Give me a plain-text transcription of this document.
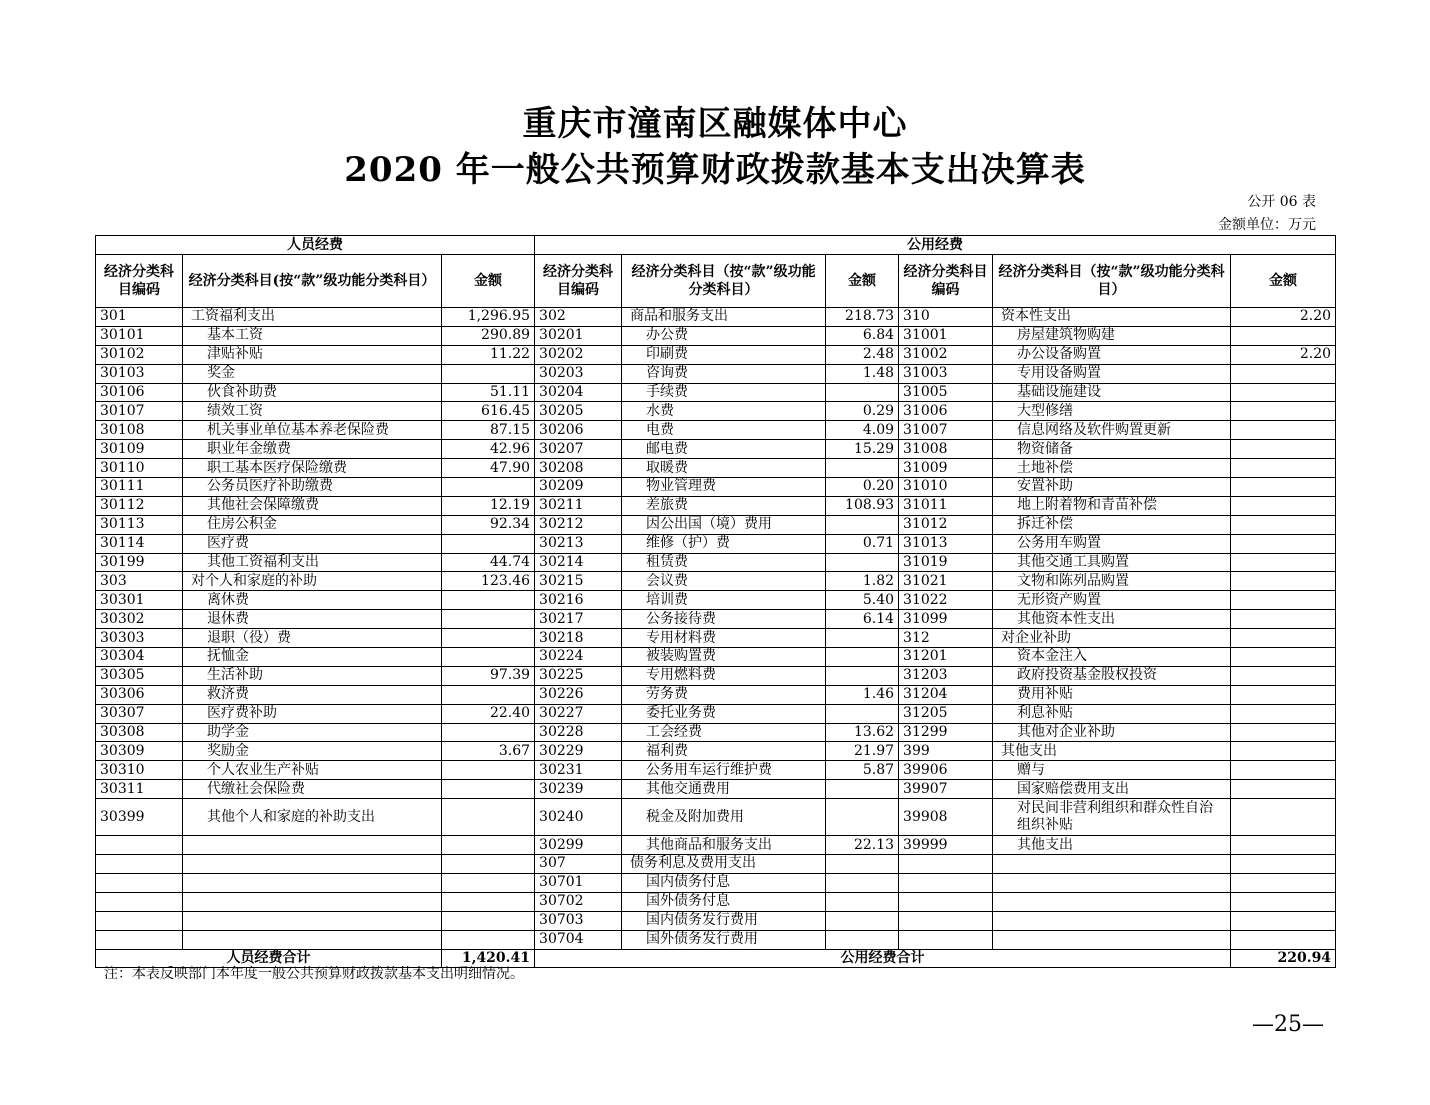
重庆市潼南区融媒体中心
2020 年一般公共预算财政拨款基本支出决算表
公开 06 表
金额单位：万元
人员经费			公用经费					
经济分类科目编码	经济分类科目(按“款”级功能分类科目）	金额	经济分类科目编码	经济分类科目（按“款”级功能分类科目）	金额	经济分类科目编码	经济分类科目（按“款”级功能分类科目）	金额
301	工资福利支出	1,296.95	302	商品和服务支出	218.73	310	资本性支出	2.20
30101	基本工资	290.89	30201	办公费	6.84	31001	房屋建筑物购建	
30102	津贴补贴	11.22	30202	印刷费	2.48	31002	办公设备购置	2.20
30103	奖金		30203	咨询费	1.48	31003	专用设备购置	
30106	伙食补助费	51.11	30204	手续费		31005	基础设施建设	
30107	绩效工资	616.45	30205	水费	0.29	31006	大型修缮	
30108	机关事业单位基本养老保险费	87.15	30206	电费	4.09	31007	信息网络及软件购置更新	
30109	职业年金缴费	42.96	30207	邮电费	15.29	31008	物资储备	
30110	职工基本医疗保险缴费	47.90	30208	取暖费		31009	土地补偿	
30111	公务员医疗补助缴费		30209	物业管理费	0.20	31010	安置补助	
30112	其他社会保障缴费	12.19	30211	差旅费	108.93	31011	地上附着物和青苗补偿	
30113	住房公积金	92.34	30212	因公出国（境）费用		31012	拆迁补偿	
30114	医疗费		30213	维修（护）费	0.71	31013	公务用车购置	
30199	其他工资福利支出	44.74	30214	租赁费		31019	其他交通工具购置	
303	对个人和家庭的补助	123.46	30215	会议费	1.82	31021	文物和陈列品购置	
30301	离休费		30216	培训费	5.40	31022	无形资产购置	
30302	退休费		30217	公务接待费	6.14	31099	其他资本性支出	
30303	退职（役）费		30218	专用材料费		312	对企业补助	
30304	抚恤金		30224	被装购置费		31201	资本金注入	
30305	生活补助	97.39	30225	专用燃料费		31203	政府投资基金股权投资	
30306	救济费		30226	劳务费	1.46	31204	费用补贴	
30307	医疗费补助	22.40	30227	委托业务费		31205	利息补贴	
30308	助学金		30228	工会经费	13.62	31299	其他对企业补助	
30309	奖励金	3.67	30229	福利费	21.97	399	其他支出	
30310	个人农业生产补贴		30231	公务用车运行维护费	5.87	39906	赠与	
30311	代缴社会保险费		30239	其他交通费用		39907	国家赔偿费用支出	
30399	其他个人和家庭的补助支出		30240	税金及附加费用		39908	对民间非营利组织和群众性自治组织补贴	
			30299	其他商品和服务支出	22.13	39999	其他支出	
			307	债务利息及费用支出				
			30701	国内债务付息				
			30702	国外债务付息				
			30703	国内债务发行费用				
			30704	国外债务发行费用				
人员经费合计		1,420.41	公用经费合计					220.94
注：本表反映部门本年度一般公共预算财政拨款基本支出明细情况。
—25—
